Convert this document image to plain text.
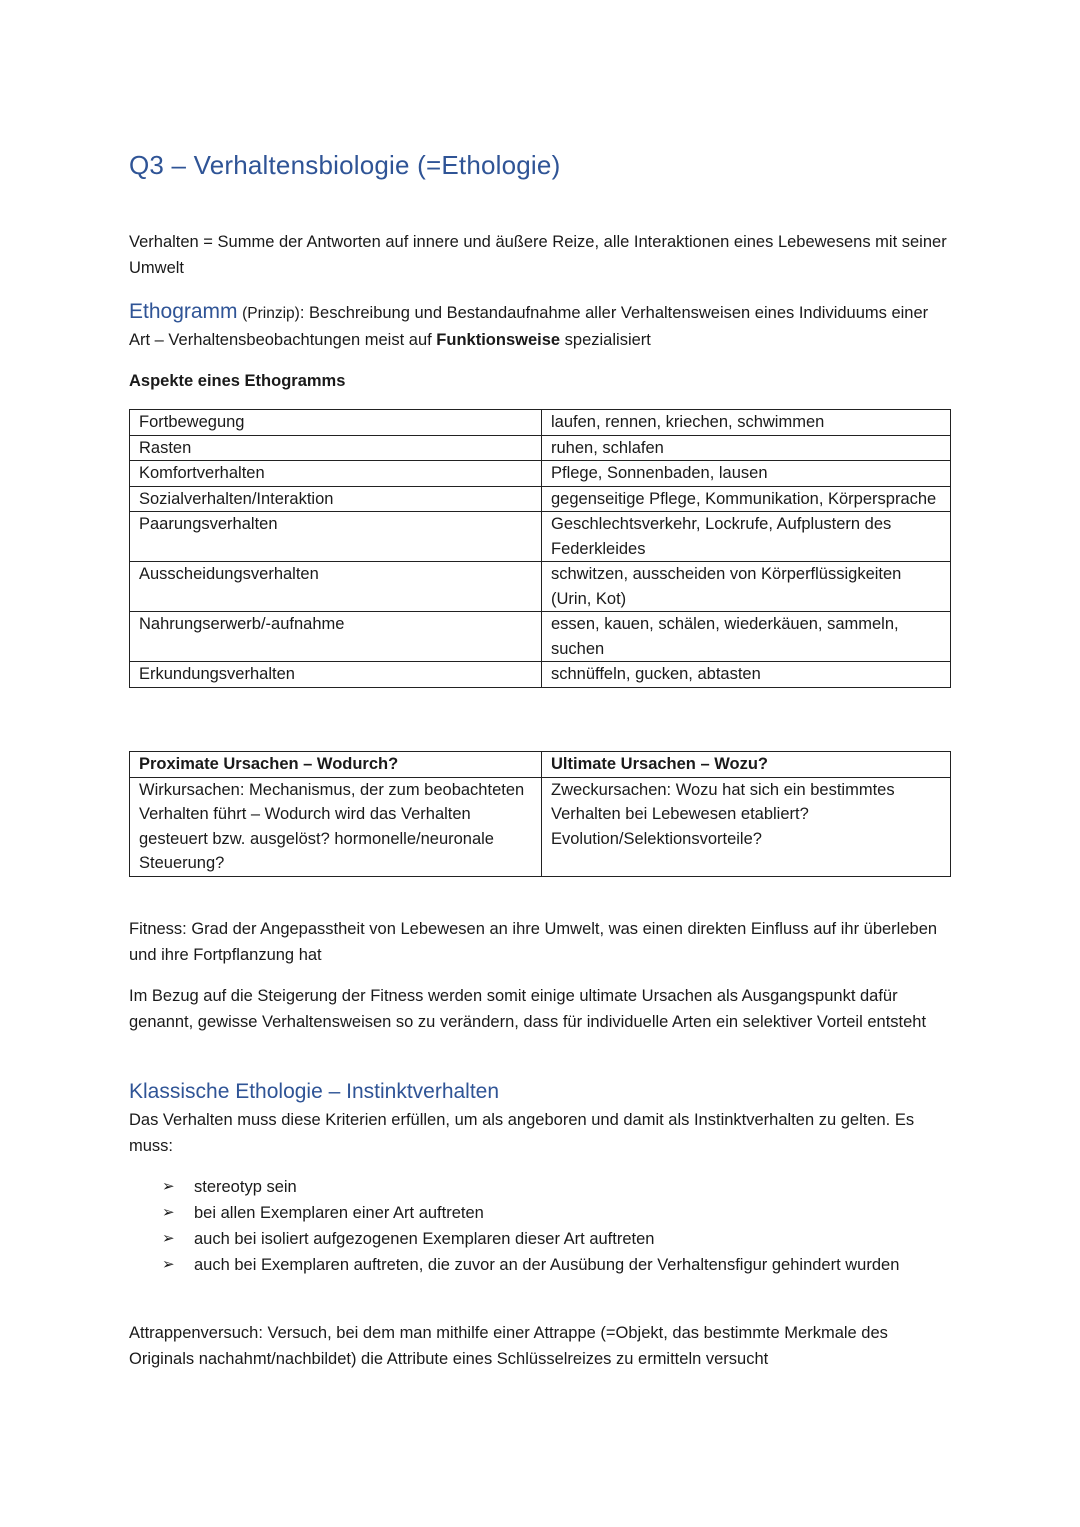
Q3 – Verhaltensbiologie (=Ethologie)

Verhalten = Summe der Antworten auf innere und äußere Reize, alle Interaktionen eines Lebewesens mit seiner Umwelt

Ethogramm (Prinzip): Beschreibung und Bestandaufnahme aller Verhaltensweisen eines Individuums einer Art – Verhaltensbeobachtungen meist auf Funktionsweise spezialisiert

Aspekte eines Ethogramms

Fortbewegung	laufen, rennen, kriechen, schwimmen
Rasten	ruhen, schlafen
Komfortverhalten	Pflege, Sonnenbaden, lausen
Sozialverhalten/Interaktion	gegenseitige Pflege, Kommunikation, Körpersprache
Paarungsverhalten	Geschlechtsverkehr, Lockrufe, Aufplustern des Federkleides
Ausscheidungsverhalten	schwitzen, ausscheiden von Körperflüssigkeiten (Urin, Kot)
Nahrungserwerb/-aufnahme	essen, kauen, schälen, wiederkäuen, sammeln, suchen
Erkundungsverhalten	schnüffeln, gucken, abtasten
Proximate Ursachen – Wodurch?	Ultimate Ursachen – Wozu?
Wirkursachen: Mechanismus, der zum beobachteten Verhalten führt – Wodurch wird das Verhalten gesteuert bzw. ausgelöst? hormonelle/neuronale Steuerung?	Zweckursachen: Wozu hat sich ein bestimmtes Verhalten bei Lebewesen etabliert? Evolution/Selektionsvorteile?

Fitness: Grad der Angepasstheit von Lebewesen an ihre Umwelt, was einen direkten Einfluss auf ihr überleben und ihre Fortpflanzung hat

Im Bezug auf die Steigerung der Fitness werden somit einige ultimate Ursachen als Ausgangspunkt dafür genannt, gewisse Verhaltensweisen so zu verändern, dass für individuelle Arten ein selektiver Vorteil entsteht

Klassische Ethologie – Instinktverhalten

Das Verhalten muss diese Kriterien erfüllen, um als angeboren und damit als Instinktverhalten zu gelten. Es muss:

➢ stereotyp sein
➢ bei allen Exemplaren einer Art auftreten
➢ auch bei isoliert aufgezogenen Exemplaren dieser Art auftreten
➢ auch bei Exemplaren auftreten, die zuvor an der Ausübung der Verhaltensfigur gehindert wurden

Attrappenversuch: Versuch, bei dem man mithilfe einer Attrappe (=Objekt, das bestimmte Merkmale des Originals nachahmt/nachbildet) die Attribute eines Schlüsselreizes zu ermitteln versucht
